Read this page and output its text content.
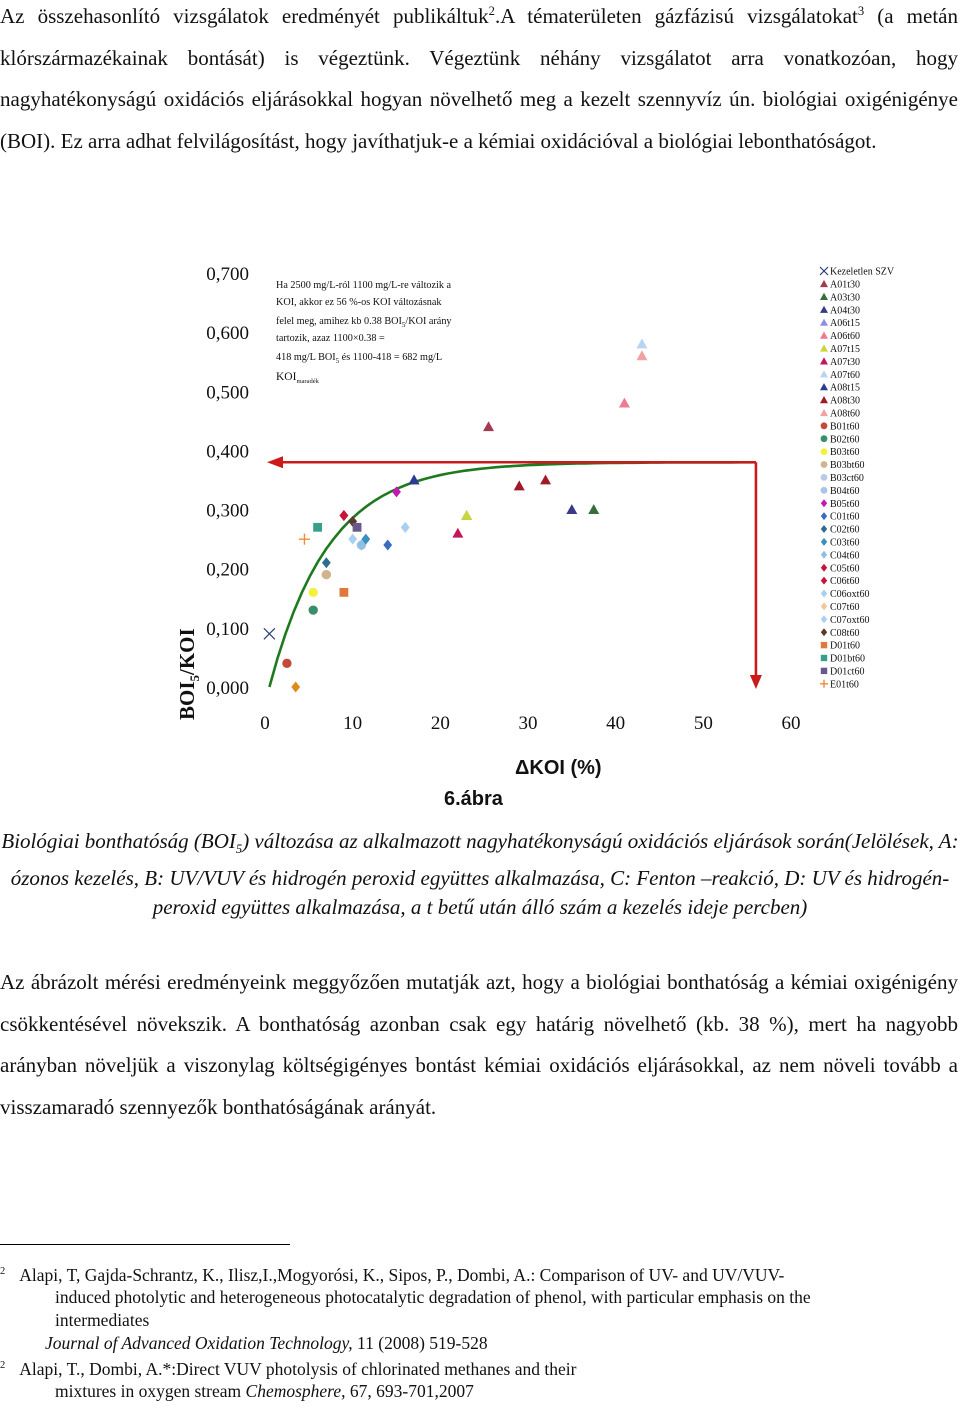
Az összehasonlító vizsgálatok eredményét publikáltuk$^2$.A tématerületen gázfázisú vizsgálatokat$^3$ (a metán klórszármazékainak bontását) is végeztünk. Végeztünk néhány vizsgálatot arra vonatkozóan, hogy nagyhatékonyságú oxidációs eljárásokkal hogyan növelhető meg a kezelt szennyvíz ún. biológiai oxigénigénye (BOI). Ez arra adhat felvilágosítást, hogy javíthatjuk-e a kémiai oxidációval a biológiai lebonthatóságot.

0,000
0,100
0,200
0,300
0,400
0,500
0,600
0,700
0	10	20	30	40	50	60
$BOI_5$/KOI
Ha 2500 mg/L-ról 1100 mg/L-re változik a
KOI, akkor ez 56 %-os KOI változásnak
felel meg, amihez kb 0.38 $BOI_5$/KOI arány
tartozik, azaz 1100×0.38 =
418 mg/L $BOI_5$ és 1100-418 = 682 mg/L
$KOI_{maradék}$
Kezeletlen SZV
A01t30
A03t30
A04t30
A06t15
A06t60
A07t15
A07t30
A07t60
A08t15
A08t30
A08t60
B01t60
B02t60
B03t60
B03bt60
B03ct60
B04t60
B05t60
C01t60
C02t60
C03t60
C04t60
C05t60
C06t60
C06oxt60
C07t60
C07oxt60
C08t60
D01t60
D01bt60
D01ct60
E01t60
ΔKOI (%)
6.ábra

Biológiai bonthatóság $(BOI_5)$ változása az alkalmazott nagyhatékonyságú oxidációs eljárások során(Jelölések, A: ózonos kezelés, B: UV/VUV és hidrogén peroxid együttes alkalmazása, C: Fenton –reakció, D: UV és hidrogén-peroxid együttes alkalmazása, a t betű után álló szám a kezelés ideje percben)

Az ábrázolt mérési eredményeink meggyőzően mutatják azt, hogy a biológiai bonthatóság a kémiai oxigénigény csökkentésével növekszik. A bonthatóság azonban csak egy határig növelhető (kb. 38 %), mert ha nagyobb arányban növeljük a viszonylag költségigényes bontást kémiai oxidációs eljárásokkal, az nem növeli tovább a visszamaradó szennyezők bonthatóságának arányát.

$^2$ Alapi, T, Gajda-Schrantz, K., Ilisz,I.,Mogyorósi, K., Sipos, P., Dombi, A.: Comparison of UV- and UV/VUV-

induced photolytic and heterogeneous photocatalytic degradation of phenol, with particular emphasis on the

intermediates

Journal of Advanced Oxidation Technology, 11 (2008) 519-528

$^2$ Alapi, T., Dombi, A.*:Direct VUV photolysis of chlorinated methanes and their

mixtures in oxygen stream Chemosphere, 67, 693-701,2007
